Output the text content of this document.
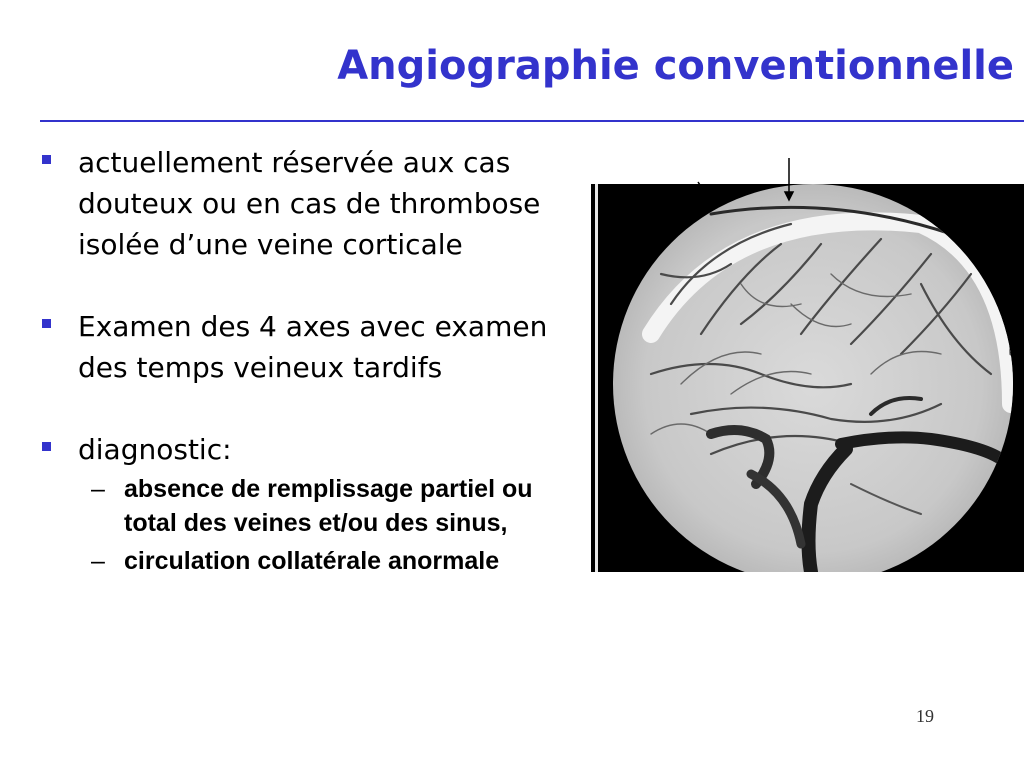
Angiographie conventionnelle
actuellement réservée aux cas douteux ou en cas de thrombose isolée d’une veine corticale
Examen des 4 axes avec examen des temps veineux tardifs
diagnostic:
– absence de remplissage partiel ou total des veines et/ou des sinus,
– circulation collatérale anormale
19
